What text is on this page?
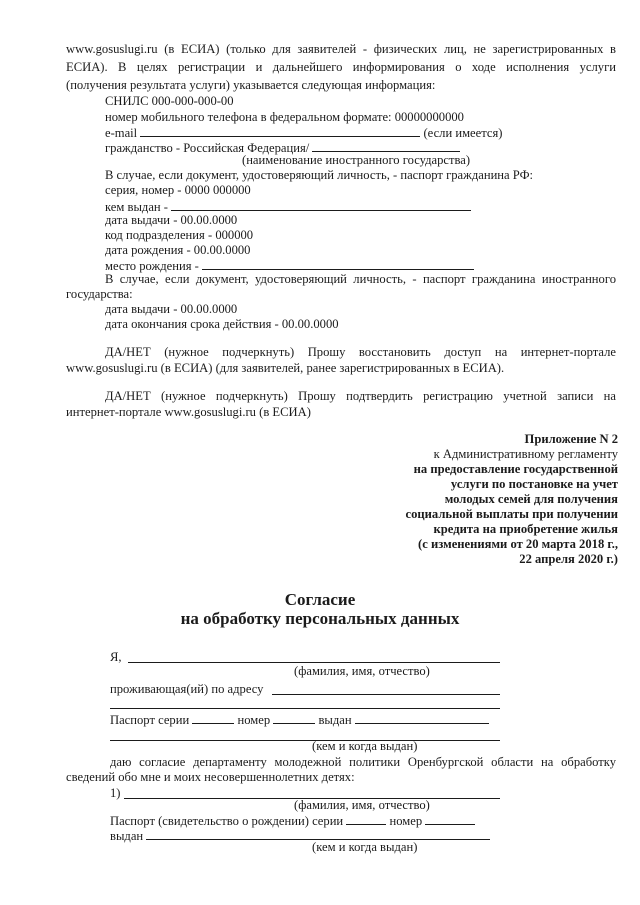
www.gosuslugi.ru (в ЕСИА) (только для заявителей - физических лиц, не зарегистрированных в
ЕСИА). В целях регистрации и дальнейшего информирования о ходе исполнения услуги
(получения результата услуги) указывается следующая информация:
СНИЛС 000-000-000-00
номер мобильного телефона в федеральном формате: 00000000000
e-mail	(если имеется)
гражданство - Российская Федерация/
(наименование иностранного государства)
В случае, если документ, удостоверяющий личность, - паспорт гражданина РФ:
серия, номер - 0000 000000
кем выдан -
дата выдачи - 00.00.0000
код подразделения - 000000
дата рождения - 00.00.0000
место рождения -
В случае, если документ, удостоверяющий личность, - паспорт гражданина иностранного
государства:
дата выдачи - 00.00.0000
дата окончания срока действия - 00.00.0000
ДА/НЕТ (нужное подчеркнуть) Прошу восстановить доступ на интернет-портале
www.gosuslugi.ru (в ЕСИА) (для заявителей, ранее зарегистрированных в ЕСИА).
ДА/НЕТ (нужное подчеркнуть) Прошу подтвердить регистрацию учетной записи на
интернет-портале www.gosuslugi.ru (в ЕСИА)
Приложение N 2
к Административному регламенту
на предоставление государственной
услуги по постановке на учет
молодых семей для получения
социальной выплаты при получении
кредита на приобретение жилья
(с изменениями от 20 марта 2018 г.,
22 апреля 2020 г.)
Согласие
на обработку персональных данных
Я,
(фамилия, имя, отчество)
проживающая(ий) по адресу
Паспорт серии	номер	выдан
(кем и когда выдан)
даю согласие департаменту молодежной политики Оренбургской области на обработку
сведений обо мне и моих несовершеннолетних детях:
1)
(фамилия, имя, отчество)
Паспорт (свидетельство о рождении) серии	номер
выдан
(кем и когда выдан)
